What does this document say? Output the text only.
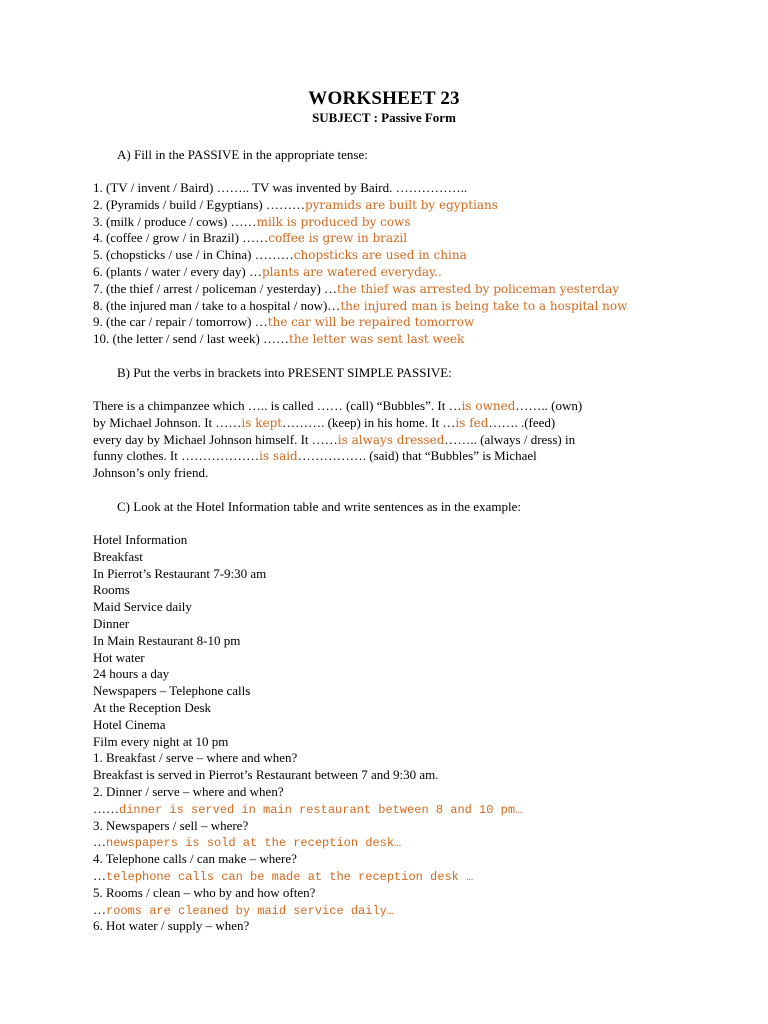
WORKSHEET 23
SUBJECT : Passive Form
A) Fill in the PASSIVE in the appropriate tense:
1. (TV / invent / Baird) …….. TV was invented by Baird. ……………..
2. (Pyramids / build / Egyptians) ………pyramids are built by egyptians
3. (milk / produce / cows) ……milk is produced by cows
4. (coffee / grow / in Brazil) ……coffee is grew in brazil
5. (chopsticks / use / in China) ………chopsticks are used in china
6. (plants / water / every day) …plants are watered everyday..
7. (the thief / arrest / policeman / yesterday) …the thief was arrested by policeman yesterday
8. (the injured man / take to a hospital / now)…the injured man is being take to a hospital now
9. (the car / repair / tomorrow) …the car will be repaired tomorrow
10. (the letter / send / last week) ……the letter was sent last week
B) Put the verbs in brackets into PRESENT SIMPLE PASSIVE:
There is a chimpanzee which ….. is called …… (call) “Bubbles”. It …is owned…….. (own)
by Michael Johnson. It ……is kept………. (keep) in his home. It …is fed……. .(feed)
every day by Michael Johnson himself. It ……is always dressed…….. (always / dress) in
funny clothes. It ………………is said……………. (said) that “Bubbles” is Michael
Johnson’s only friend.
C) Look at the Hotel Information table and write sentences as in the example:
Hotel Information
Breakfast
In Pierrot’s Restaurant 7-9:30 am
Rooms
Maid Service daily
Dinner
In Main Restaurant 8-10 pm
Hot water
24 hours a day
Newspapers – Telephone calls
At the Reception Desk
Hotel Cinema
Film every night at 10 pm
1. Breakfast / serve – where and when?
Breakfast is served in Pierrot’s Restaurant between 7 and 9:30 am.
2. Dinner / serve – where and when?
……dinner is served in main restaurant between 8 and 10 pm…
3. Newspapers / sell – where?
…newspapers is sold at the reception desk…
4. Telephone calls / can make – where?
…telephone calls can be made at the reception desk …
5. Rooms / clean – who by and how often?
…rooms are cleaned by maid service daily…
6. Hot water / supply – when?
